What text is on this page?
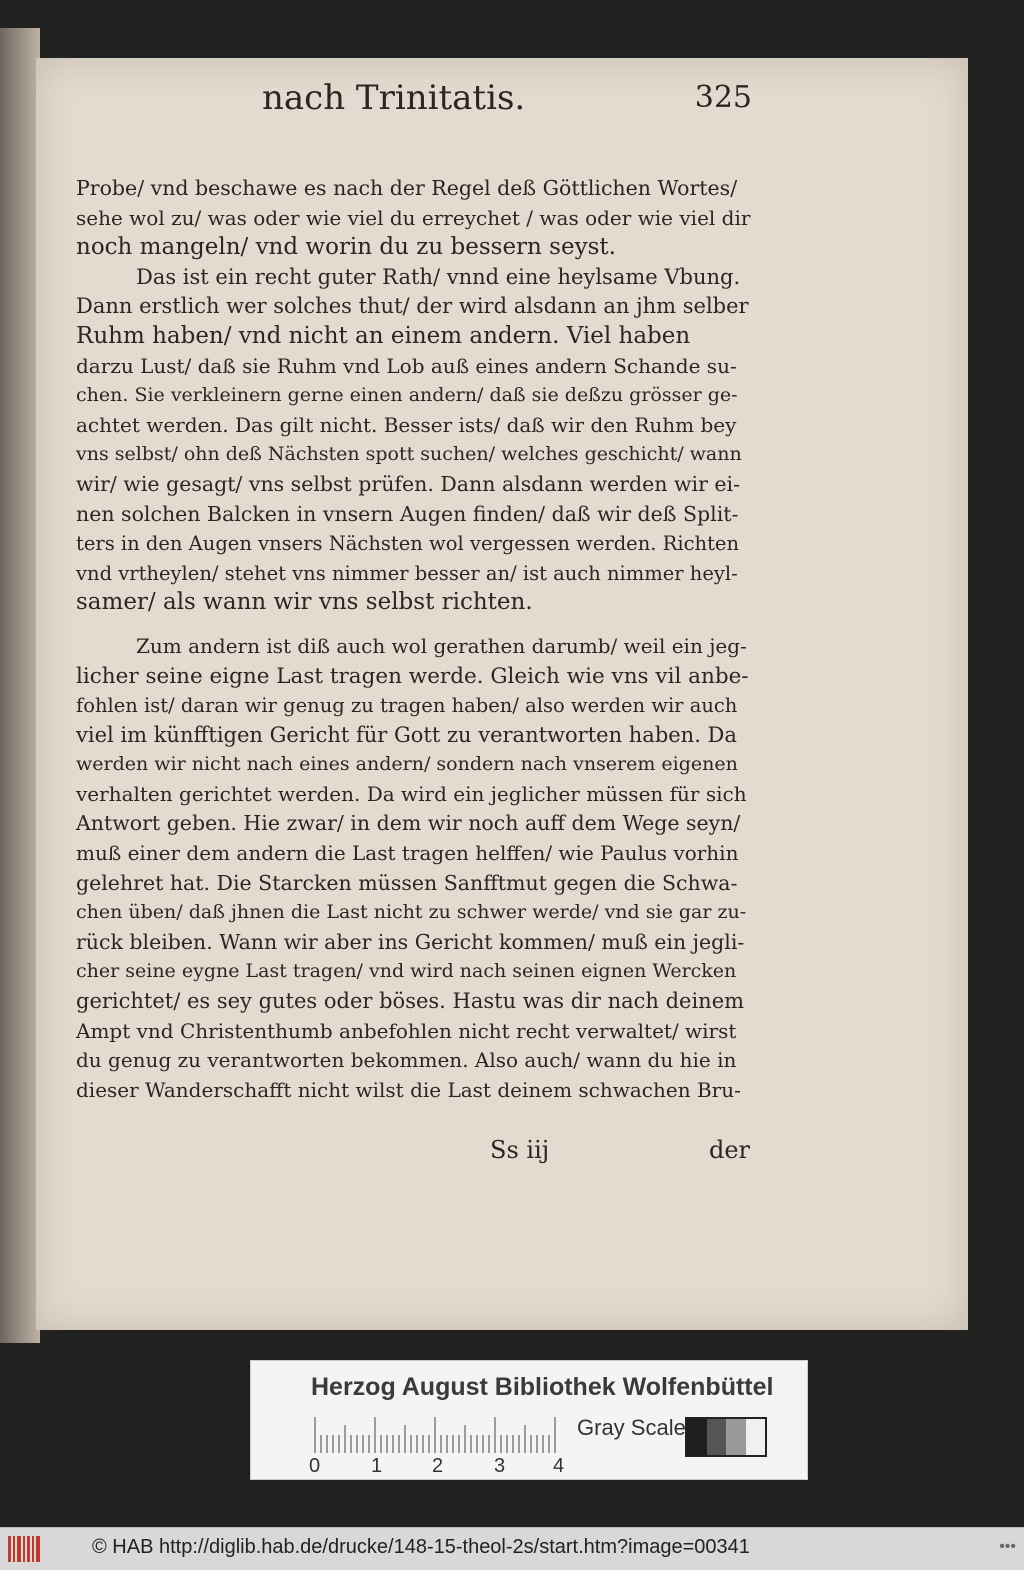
nach Trinitatis.	325
Probe/ vnd beschawe es nach der Regel deß Göttlichen Wortes/
sehe wol zu/ was oder wie viel du erreychet / was oder wie viel dir
noch mangeln/ vnd worin du zu bessern seyst.
Das ist ein recht guter Rath/ vnnd eine heylsame Vbung.
Dann erstlich wer solches thut/ der wird alsdann an jhm selber
Ruhm haben/ vnd nicht an einem andern. Viel haben
darzu Lust/ daß sie Ruhm vnd Lob auß eines andern Schande su-
chen. Sie verkleinern gerne einen andern/ daß sie deßzu grösser ge-
achtet werden. Das gilt nicht. Besser ists/ daß wir den Ruhm bey
vns selbst/ ohn deß Nächsten spott suchen/ welches geschicht/ wann
wir/ wie gesagt/ vns selbst prüfen. Dann alsdann werden wir ei-
nen solchen Balcken in vnsern Augen finden/ daß wir deß Split-
ters in den Augen vnsers Nächsten wol vergessen werden. Richten
vnd vrtheylen/ stehet vns nimmer besser an/ ist auch nimmer heyl-
samer/ als wann wir vns selbst richten.
Zum andern ist diß auch wol gerathen darumb/ weil ein jeg-
licher seine eigne Last tragen werde. Gleich wie vns vil anbe-
fohlen ist/ daran wir genug zu tragen haben/ also werden wir auch
viel im künfftigen Gericht für Gott zu verantworten haben. Da
werden wir nicht nach eines andern/ sondern nach vnserem eigenen
verhalten gerichtet werden. Da wird ein jeglicher müssen für sich
Antwort geben. Hie zwar/ in dem wir noch auff dem Wege seyn/
muß einer dem andern die Last tragen helffen/ wie Paulus vorhin
gelehret hat. Die Starcken müssen Sanfftmut gegen die Schwa-
chen üben/ daß jhnen die Last nicht zu schwer werde/ vnd sie gar zu-
rück bleiben. Wann wir aber ins Gericht kommen/ muß ein jegli-
cher seine eygne Last tragen/ vnd wird nach seinen eignen Wercken
gerichtet/ es sey gutes oder böses. Hastu was dir nach deinem
Ampt vnd Christenthumb anbefohlen nicht recht verwaltet/ wirst
du genug zu verantworten bekommen. Also auch/ wann du hie in
dieser Wanderschafft nicht wilst die Last deinem schwachen Bru-
Ss iij	der
Herzog August Bibliothek Wolfenbüttel
0	1 2	3 4
Gray Scale
© HAB http://diglib.hab.de/drucke/148-15-theol-2s/start.htm?image=00341	•••
